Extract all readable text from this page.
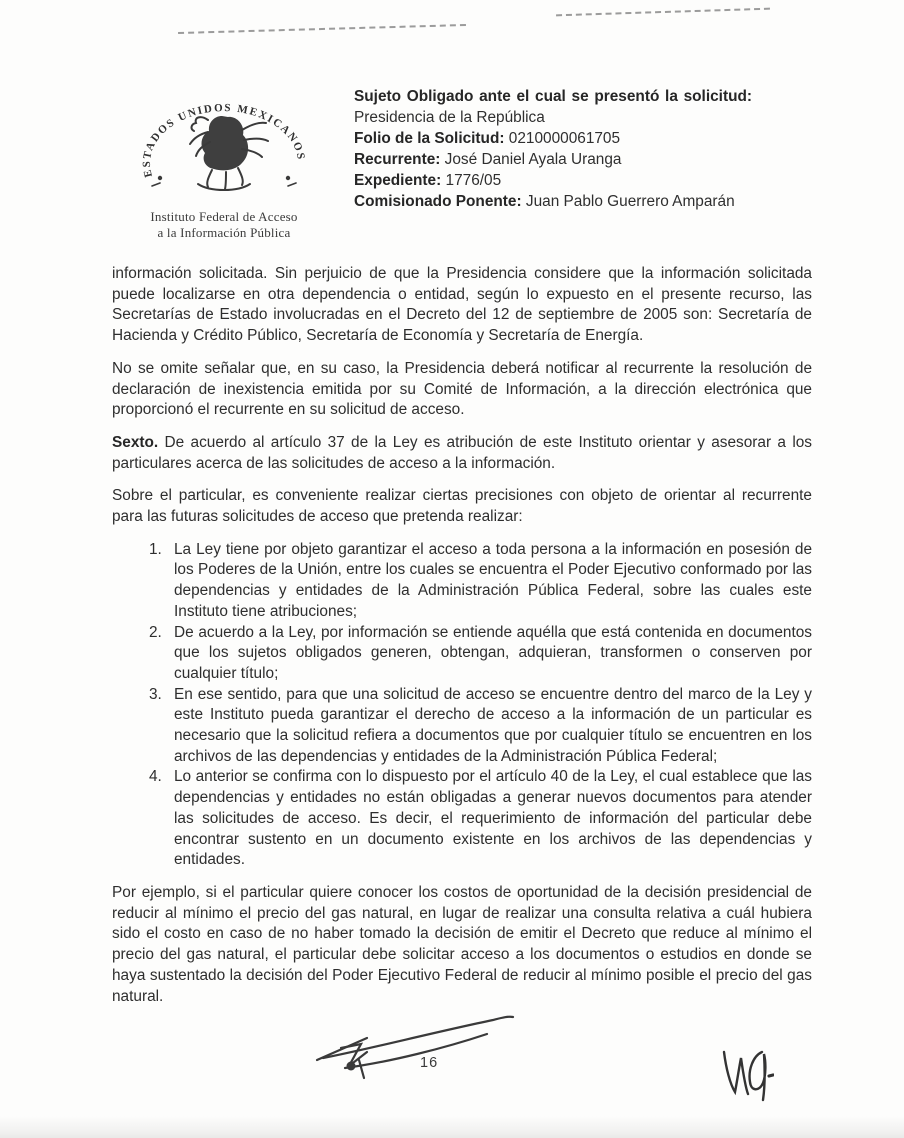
ESTADOS UNIDOS MEXICANOS
Instituto Federal de Acceso
a la Información Pública
Sujeto Obligado ante el cual se presentó la solicitud: Presidencia de la República
Folio de la Solicitud: 0210000061705
Recurrente: José Daniel Ayala Uranga
Expediente: 1776/05
Comisionado Ponente: Juan Pablo Guerrero Amparán

información solicitada. Sin perjuicio de que la Presidencia considere que la información solicitada puede localizarse en otra dependencia o entidad, según lo expuesto en el presente recurso, las Secretarías de Estado involucradas en el Decreto del 12 de septiembre de 2005 son: Secretaría de Hacienda y Crédito Público, Secretaría de Economía y Secretaría de Energía.

No se omite señalar que, en su caso, la Presidencia deberá notificar al recurrente la resolución de declaración de inexistencia emitida por su Comité de Información, a la dirección electrónica que proporcionó el recurrente en su solicitud de acceso.

Sexto. De acuerdo al artículo 37 de la Ley es atribución de este Instituto orientar y asesorar a los particulares acerca de las solicitudes de acceso a la información.

Sobre el particular, es conveniente realizar ciertas precisiones con objeto de orientar al recurrente para las futuras solicitudes de acceso que pretenda realizar:

1. La Ley tiene por objeto garantizar el acceso a toda persona a la información en posesión de los Poderes de la Unión, entre los cuales se encuentra el Poder Ejecutivo conformado por las dependencias y entidades de la Administración Pública Federal, sobre las cuales este Instituto tiene atribuciones;
2. De acuerdo a la Ley, por información se entiende aquélla que está contenida en documentos que los sujetos obligados generen, obtengan, adquieran, transformen o conserven por cualquier título;
3. En ese sentido, para que una solicitud de acceso se encuentre dentro del marco de la Ley y este Instituto pueda garantizar el derecho de acceso a la información de un particular es necesario que la solicitud refiera a documentos que por cualquier título se encuentren en los archivos de las dependencias y entidades de la Administración Pública Federal;
4. Lo anterior se confirma con lo dispuesto por el artículo 40 de la Ley, el cual establece que las dependencias y entidades no están obligadas a generar nuevos documentos para atender las solicitudes de acceso. Es decir, el requerimiento de información del particular debe encontrar sustento en un documento existente en los archivos de las dependencias y entidades.

Por ejemplo, si el particular quiere conocer los costos de oportunidad de la decisión presidencial de reducir al mínimo el precio del gas natural, en lugar de realizar una consulta relativa a cuál hubiera sido el costo en caso de no haber tomado la decisión de emitir el Decreto que reduce al mínimo el precio del gas natural, el particular debe solicitar acceso a los documentos o estudios en donde se haya sustentado la decisión del Poder Ejecutivo Federal de reducir al mínimo posible el precio del gas natural.

16
